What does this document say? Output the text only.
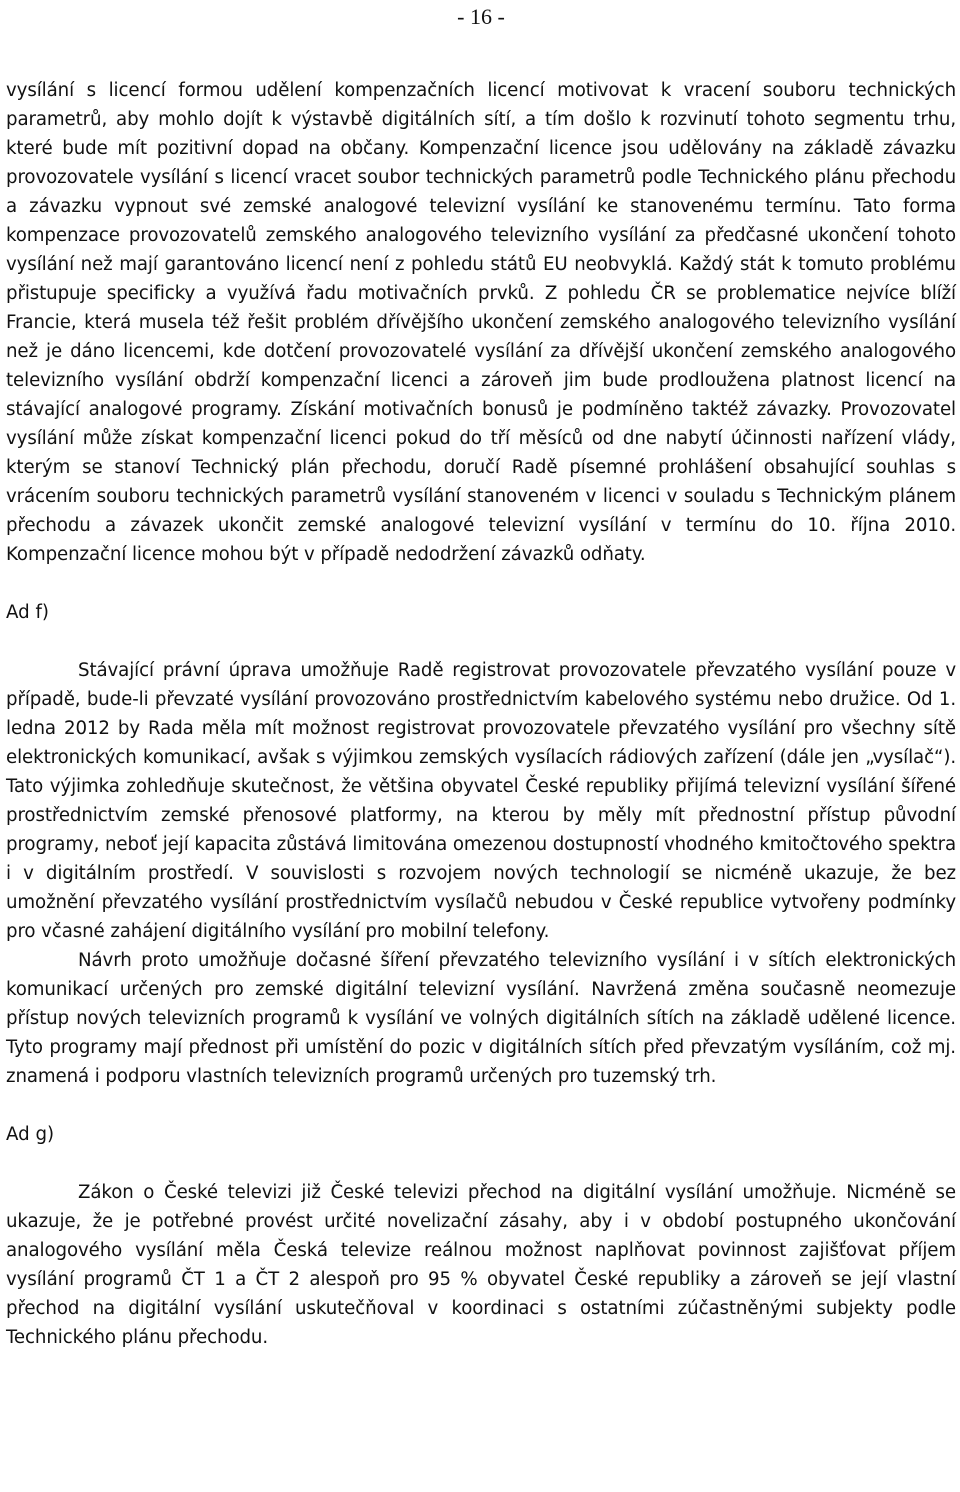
- 16 -

vysílání s licencí formou udělení kompenzačních licencí motivovat k vracení souboru technických parametrů, aby mohlo dojít k výstavbě digitálních sítí, a tím došlo k rozvinutí tohoto segmentu trhu, které bude mít pozitivní dopad na občany. Kompenzační licence jsou udělovány na základě závazku provozovatele vysílání s licencí vracet soubor technických parametrů podle Technického plánu přechodu a závazku vypnout své zemské analogové televizní vysílání ke stanovenému termínu. Tato forma kompenzace provozovatelů zemského analogového televizního vysílání za předčasné ukončení tohoto vysílání než mají garantováno licencí není z pohledu států EU neobvyklá. Každý stát k tomuto problému přistupuje specificky a využívá řadu motivačních prvků. Z pohledu ČR se problematice nejvíce blíží Francie, která musela též řešit problém dřívějšího ukončení zemského analogového televizního vysílání než je dáno licencemi, kde dotčení provozovatelé vysílání za dřívější ukončení zemského analogového televizního vysílání obdrží kompenzační licenci a zároveň jim bude prodloužena platnost licencí na stávající analogové programy. Získání motivačních bonusů je podmíněno taktéž závazky. Provozovatel vysílání může získat kompenzační licenci pokud do tří měsíců od dne nabytí účinnosti nařízení vlády, kterým se stanoví Technický plán přechodu, doručí Radě písemné prohlášení obsahující souhlas s vrácením souboru technických parametrů vysílání stanoveném v licenci v souladu s Technickým plánem přechodu a závazek ukončit zemské analogové televizní vysílání v termínu do 10. října 2010. Kompenzační licence mohou být v případě nedodržení závazků odňaty.

Ad f)

Stávající právní úprava umožňuje Radě registrovat provozovatele převzatého vysílání pouze v případě, bude-li převzaté vysílání provozováno prostřednictvím kabelového systému nebo družice. Od 1. ledna 2012 by Rada měla mít možnost registrovat provozovatele převzatého vysílání pro všechny sítě elektronických komunikací, avšak s výjimkou zemských vysílacích rádiových zařízení (dále jen „vysílač“). Tato výjimka zohledňuje skutečnost, že většina obyvatel České republiky přijímá televizní vysílání šířené prostřednictvím zemské přenosové platformy, na kterou by měly mít přednostní přístup původní programy, neboť její kapacita zůstává limitována omezenou dostupností vhodného kmitočtového spektra i v digitálním prostředí. V souvislosti s rozvojem nových technologií se nicméně ukazuje, že bez umožnění převzatého vysílání prostřednictvím vysílačů nebudou v České republice vytvořeny podmínky pro včasné zahájení digitálního vysílání pro mobilní telefony.

Návrh proto umožňuje dočasné šíření převzatého televizního vysílání i v sítích elektronických komunikací určených pro zemské digitální televizní vysílání. Navržená změna současně neomezuje přístup nových televizních programů k vysílání ve volných digitálních sítích na základě udělené licence. Tyto programy mají přednost při umístění do pozic v digitálních sítích před převzatým vysíláním, což mj. znamená i podporu vlastních televizních programů určených pro tuzemský trh.

Ad g)

Zákon o České televizi již České televizi přechod na digitální vysílání umožňuje. Nicméně se ukazuje, že je potřebné provést určité novelizační zásahy, aby i v období postupného ukončování analogového vysílání měla Česká televize reálnou možnost naplňovat povinnost zajišťovat příjem vysílání programů ČT 1 a ČT 2 alespoň pro 95 % obyvatel České republiky a zároveň se její vlastní přechod na digitální vysílání uskutečňoval v koordinaci s ostatními zúčastněnými subjekty podle Technického plánu přechodu.
